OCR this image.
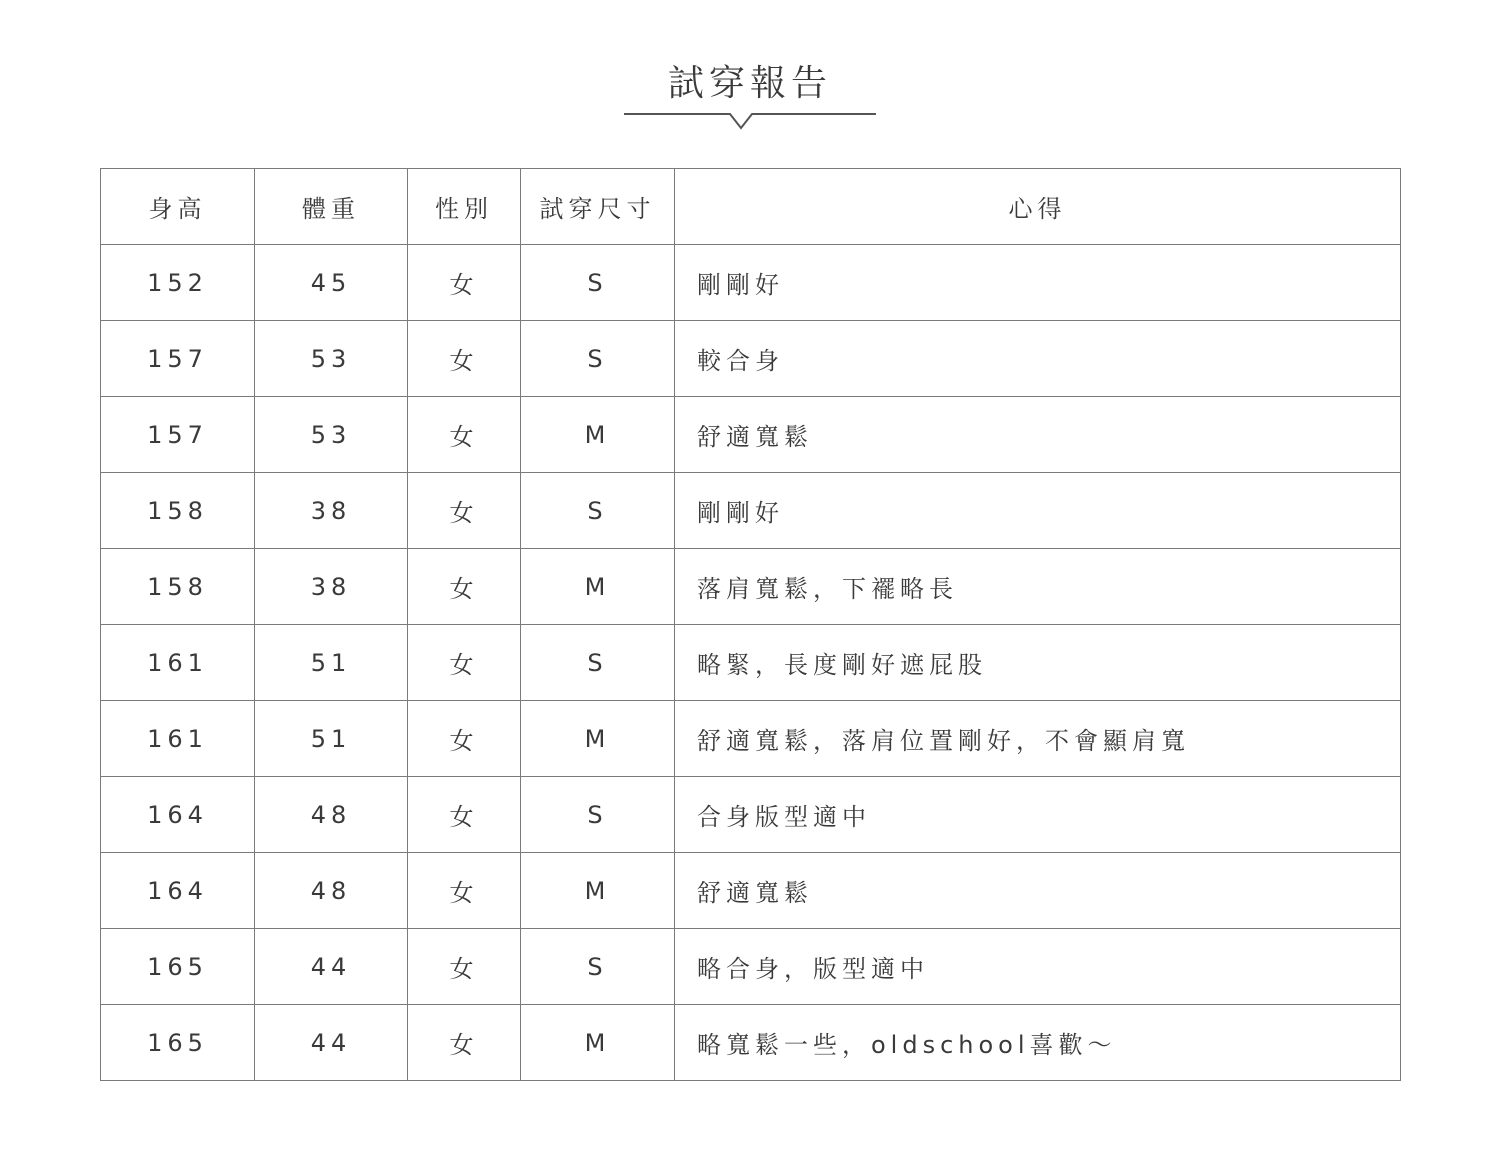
試穿報告
身高	體重	性別	試穿尺寸	心得
152	45	女	S	剛剛好
157	53	女	S	較合身
157	53	女	M	舒適寬鬆
158	38	女	S	剛剛好
158	38	女	M	落肩寬鬆，下襬略長
161	51	女	S	略緊，長度剛好遮屁股
161	51	女	M	舒適寬鬆，落肩位置剛好，不會顯肩寬
164	48	女	S	合身版型適中
164	48	女	M	舒適寬鬆
165	44	女	S	略合身，版型適中
165	44	女	M	略寬鬆一些，oldschool喜歡～
